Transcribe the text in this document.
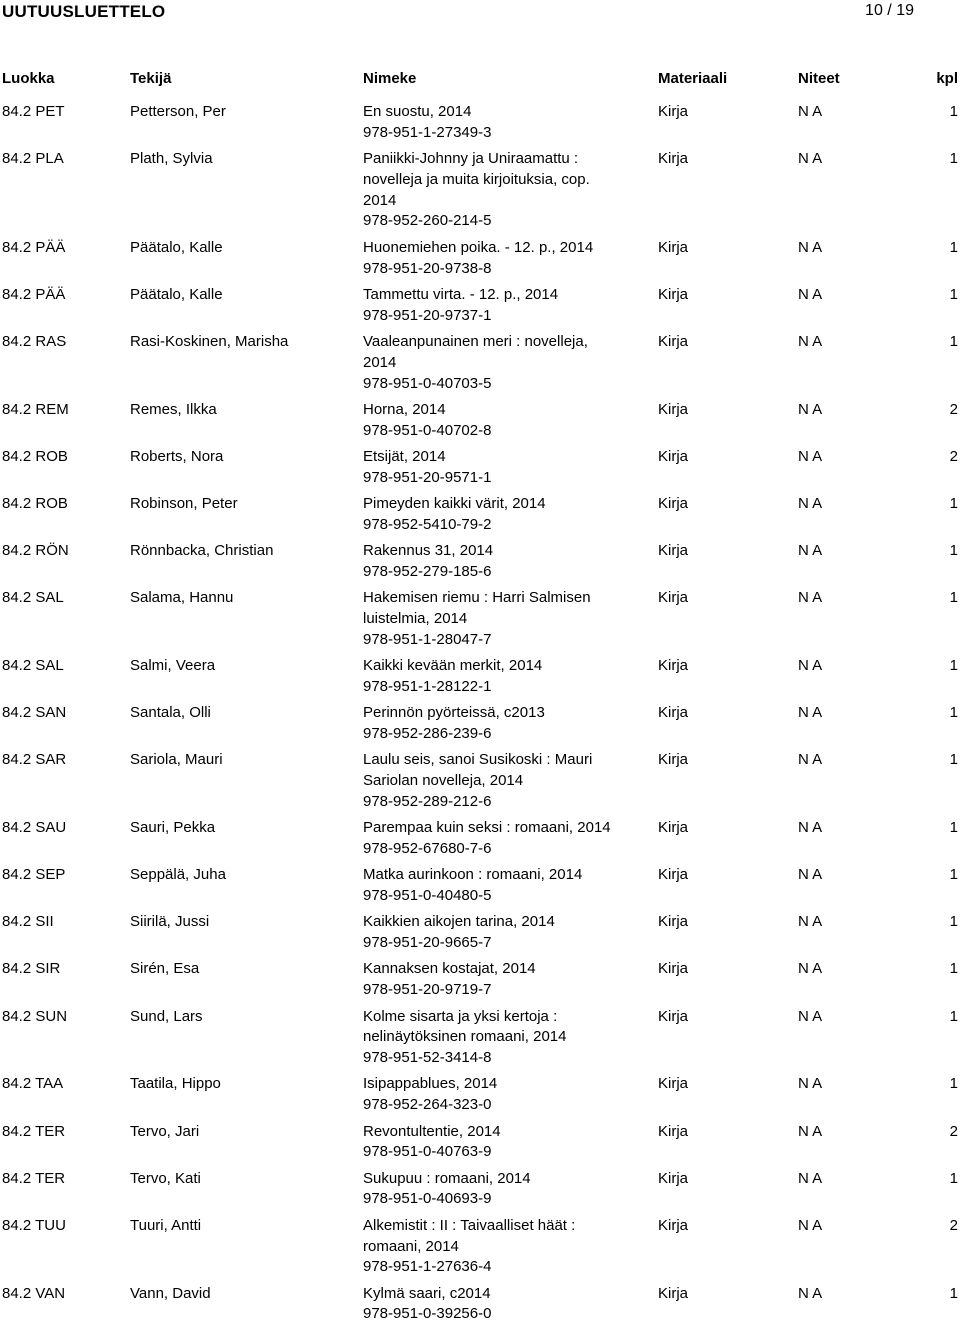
UUTUUSLUETTELO	10 / 19
Luokka	Tekijä	Nimeke	Materiaali	Niteet	kpl
84.2 PET	Petterson, Per	En suostu, 2014
978-951-1-27349-3
Kirja	N A	1
84.2 PLA	Plath, Sylvia	Paniikki-Johnny ja Uniraamattu : novelleja ja muita kirjoituksia, cop. 2014
978-952-260-214-5
Kirja	N A	1
84.2 PÄÄ	Päätalo, Kalle	Huonemiehen poika. - 12. p., 2014
978-951-20-9738-8
Kirja	N A	1
84.2 PÄÄ	Päätalo, Kalle	Tammettu virta. - 12. p., 2014
978-951-20-9737-1
Kirja	N A	1
84.2 RAS	Rasi-Koskinen, Marisha	Vaaleanpunainen meri : novelleja, 2014
978-951-0-40703-5
Kirja	N A	1
84.2 REM	Remes, Ilkka	Horna, 2014
978-951-0-40702-8
Kirja	N A	2
84.2 ROB	Roberts, Nora	Etsijät, 2014
978-951-20-9571-1
Kirja	N A	2
84.2 ROB	Robinson, Peter	Pimeyden kaikki värit, 2014
978-952-5410-79-2
Kirja	N A	1
84.2 RÖN	Rönnbacka, Christian	Rakennus 31, 2014
978-952-279-185-6
Kirja	N A	1
84.2 SAL	Salama, Hannu	Hakemisen riemu : Harri Salmisen luistelmia, 2014
978-951-1-28047-7
Kirja	N A	1
84.2 SAL	Salmi, Veera	Kaikki kevään merkit, 2014
978-951-1-28122-1
Kirja	N A	1
84.2 SAN	Santala, Olli	Perinnön pyörteissä, c2013
978-952-286-239-6
Kirja	N A	1
84.2 SAR	Sariola, Mauri	Laulu seis, sanoi Susikoski : Mauri Sariolan novelleja, 2014
978-952-289-212-6
Kirja	N A	1
84.2 SAU	Sauri, Pekka	Parempaa kuin seksi : romaani, 2014
978-952-67680-7-6
Kirja	N A	1
84.2 SEP	Seppälä, Juha	Matka aurinkoon : romaani, 2014
978-951-0-40480-5
Kirja	N A	1
84.2 SII	Siirilä, Jussi	Kaikkien aikojen tarina, 2014
978-951-20-9665-7
Kirja	N A	1
84.2 SIR	Sirén, Esa	Kannaksen kostajat, 2014
978-951-20-9719-7
Kirja	N A	1
84.2 SUN	Sund, Lars	Kolme sisarta ja yksi kertoja : nelinäytöksinen romaani, 2014
978-951-52-3414-8
Kirja	N A	1
84.2 TAA	Taatila, Hippo	Isipappablues, 2014
978-952-264-323-0
Kirja	N A	1
84.2 TER	Tervo, Jari	Revontultentie, 2014
978-951-0-40763-9
Kirja	N A	2
84.2 TER	Tervo, Kati	Sukupuu : romaani, 2014
978-951-0-40693-9
Kirja	N A	1
84.2 TUU	Tuuri, Antti	Alkemistit : II : Taivaalliset häät : romaani, 2014
978-951-1-27636-4
Kirja	N A	2
84.2 VAN	Vann, David	Kylmä saari, c2014
978-951-0-39256-0
Kirja	N A	1
